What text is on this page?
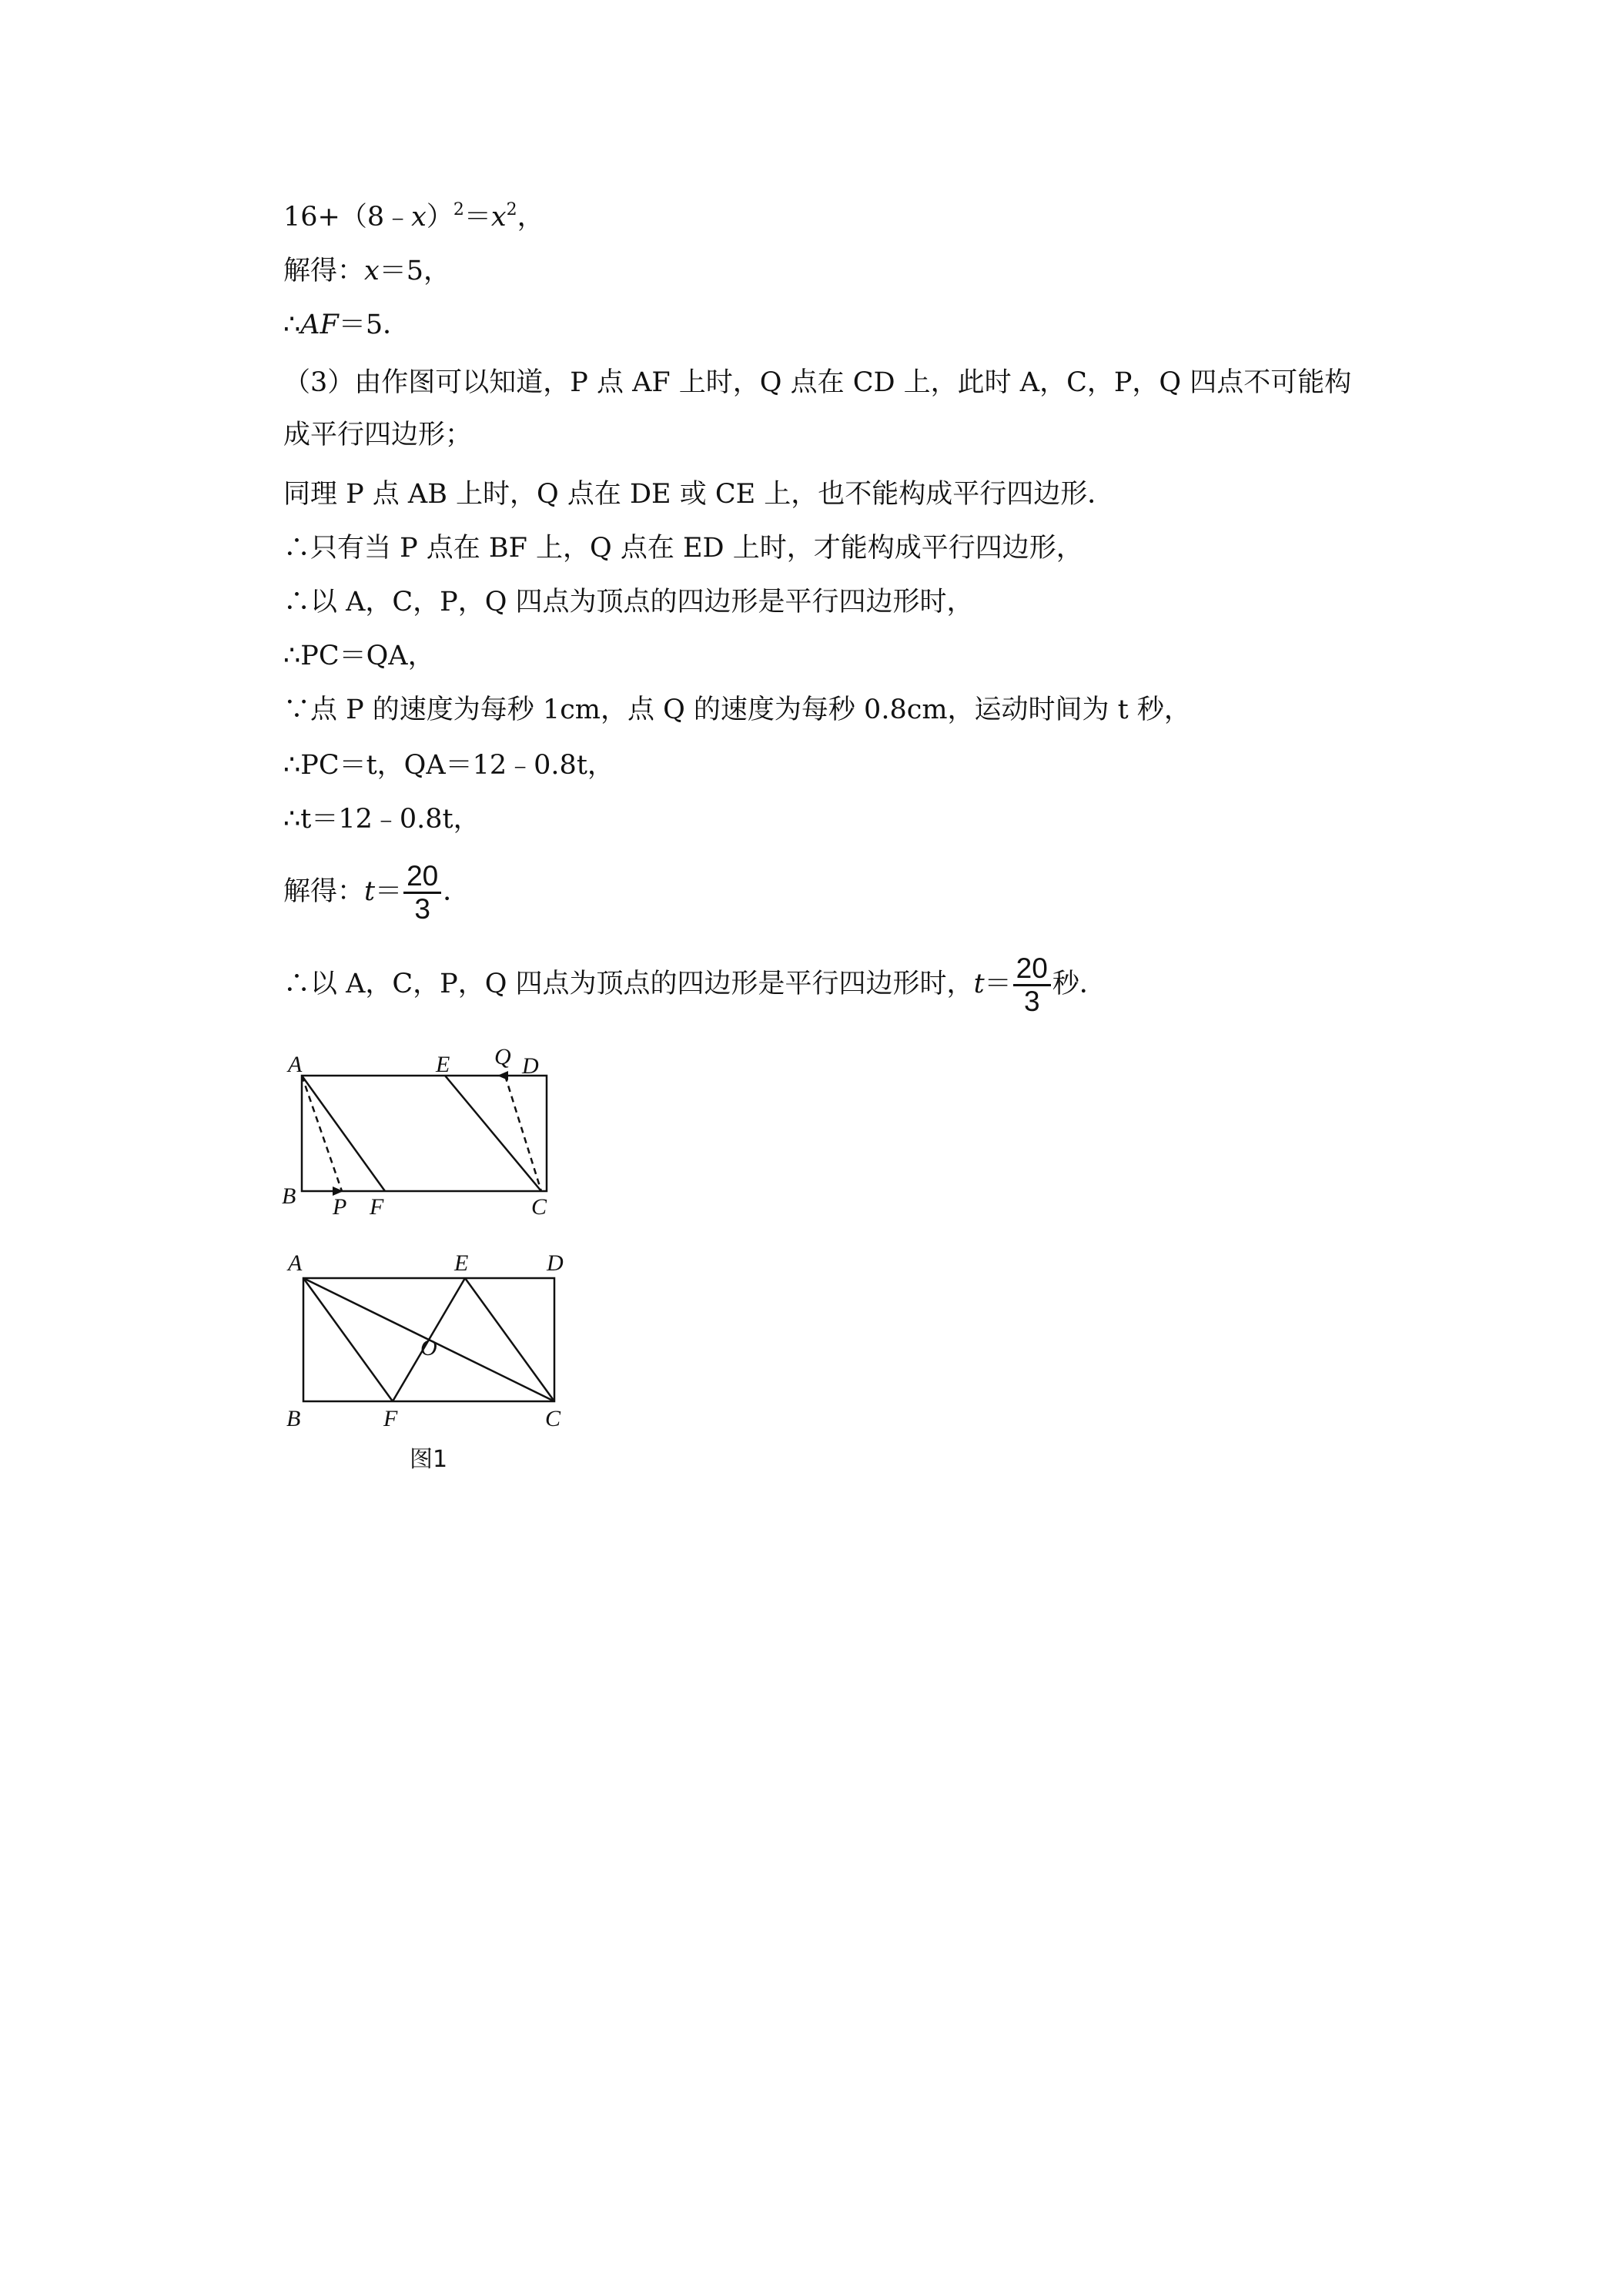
$16+(8﹣x)^2=x^2$，
解得：x＝5，
∴AF＝5．
（3）由作图可以知道，P 点 AF 上时，Q 点在 CD 上，此时 A，C，P，Q 四点不可能构
成平行四边形；
同理 P 点 AB 上时，Q 点在 DE 或 CE 上，也不能构成平行四边形．
∴只有当 P 点在 BF 上，Q 点在 ED 上时，才能构成平行四边形，
∴以 A，C，P，Q 四点为顶点的四边形是平行四边形时，
∴PC＝QA，
∵点 P 的速度为每秒 1cm，点 Q 的速度为每秒 0.8cm，运动时间为 t 秒，
∴PC＝t，QA＝12﹣0.8t，
∴t＝12﹣0.8t，
解得：$t= \frac{20}{3}$ ．
∴以 A，C，P，Q 四点为顶点的四边形是平行四边形时，$t= \frac{20}{3}$ 秒．
A	E Q D
B P F	C
A	E	D
O
B	F	C
图1
